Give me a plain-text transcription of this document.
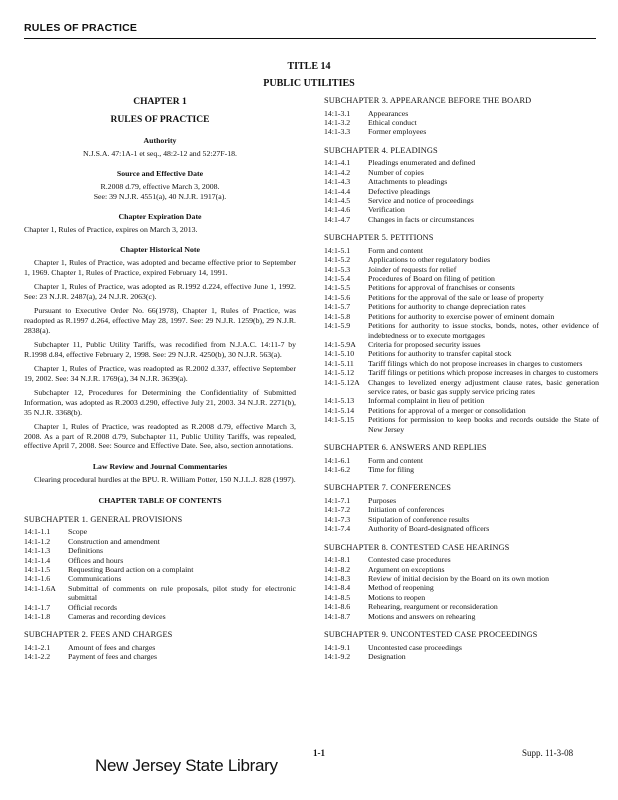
RULES OF PRACTICE
TITLE 14
PUBLIC UTILITIES
CHAPTER 1
RULES OF PRACTICE
Authority
N.J.S.A. 47:1A-1 et seq., 48:2-12 and 52:27F-18.
Source and Effective Date
R.2008 d.79, effective March 3, 2008.
See: 39 N.J.R. 4551(a), 40 N.J.R. 1917(a).
Chapter Expiration Date
Chapter 1, Rules of Practice, expires on March 3, 2013.
Chapter Historical Note

Chapter 1, Rules of Practice, was adopted and became effective prior to September 1, 1969. Chapter 1, Rules of Practice, expired February 14, 1991.

Chapter 1, Rules of Practice, was adopted as R.1992 d.224, effective June 1, 1992. See: 23 N.J.R. 2487(a), 24 N.J.R. 2063(c).

Pursuant to Executive Order No. 66(1978), Chapter 1, Rules of Practice, was readopted as R.1997 d.264, effective May 28, 1997. See: 29 N.J.R. 1259(b), 29 N.J.R. 2838(a).

Subchapter 11, Public Utility Tariffs, was recodified from N.J.A.C. 14:11-7 by R.1998 d.84, effective February 2, 1998. See: 29 N.J.R. 4250(b), 30 N.J.R. 563(a).

Chapter 1, Rules of Practice, was readopted as R.2002 d.337, effective September 19, 2002. See: 34 N.J.R. 1769(a), 34 N.J.R. 3639(a).

Subchapter 12, Procedures for Determining the Confidentiality of Submitted Information, was adopted as R.2003 d.290, effective July 21, 2003. 34 N.J.R. 2271(b), 35 N.J.R. 3368(b).

Chapter 1, Rules of Practice, was readopted as R.2008 d.79, effective March 3, 2008. As a part of R.2008 d.79, Subchapter 11, Public Utility Tariffs, was repealed, effective April 7, 2008. See: Source and Effective Date. See, also, section annotations.

Law Review and Journal Commentaries

Clearing procedural hurdles at the BPU. R. William Potter, 150 N.J.L.J. 828 (1997).

CHAPTER TABLE OF CONTENTS
SUBCHAPTER 1. GENERAL PROVISIONS
14:1-1.1	Scope
14:1-1.2	Construction and amendment
14:1-1.3	Definitions
14:1-1.4	Offices and hours
14:1-1.5	Requesting Board action on a complaint
14:1-1.6	Communications
14:1-1.6A	Submittal of comments on rule proposals, pilot study for electronic submittal
14:1-1.7	Official records
14:1-1.8	Cameras and recording devices
SUBCHAPTER 2. FEES AND CHARGES
14:1-2.1	Amount of fees and charges
14:1-2.2	Payment of fees and charges
SUBCHAPTER 3. APPEARANCE BEFORE THE BOARD
14:1-3.1	Appearances
14:1-3.2	Ethical conduct
14:1-3.3	Former employees
SUBCHAPTER 4. PLEADINGS
14:1-4.1	Pleadings enumerated and defined
14:1-4.2	Number of copies
14:1-4.3	Attachments to pleadings
14:1-4.4	Defective pleadings
14:1-4.5	Service and notice of proceedings
14:1-4.6	Verification
14:1-4.7	Changes in facts or circumstances
SUBCHAPTER 5. PETITIONS
14:1-5.1	Form and content
14:1-5.2	Applications to other regulatory bodies
14:1-5.3	Joinder of requests for relief
14:1-5.4	Procedures of Board on filing of petition
14:1-5.5	Petitions for approval of franchises or consents
14:1-5.6	Petitions for the approval of the sale or lease of property
14:1-5.7	Petitions for authority to change depreciation rates
14:1-5.8	Petitions for authority to exercise power of eminent domain
14:1-5.9	Petitions for authority to issue stocks, bonds, notes, other evidence of indebtedness or to execute mortgages
14:1-5.9A	Criteria for proposed security issues
14:1-5.10	Petitions for authority to transfer capital stock
14:1-5.11	Tariff filings which do not propose increases in charges to customers
14:1-5.12	Tariff filings or petitions which propose increases in charges to customers
14:1-5.12A	Changes to levelized energy adjustment clause rates, basic generation service rates, or basic gas supply service pricing rates
14:1-5.13	Informal complaint in lieu of petition
14:1-5.14	Petitions for approval of a merger or consolidation
14:1-5.15	Petitions for permission to keep books and records outside the State of New Jersey
SUBCHAPTER 6. ANSWERS AND REPLIES
14:1-6.1	Form and content
14:1-6.2	Time for filing
SUBCHAPTER 7. CONFERENCES
14:1-7.1	Purposes
14:1-7.2	Initiation of conferences
14:1-7.3	Stipulation of conference results
14:1-7.4	Authority of Board-designated officers
SUBCHAPTER 8. CONTESTED CASE HEARINGS
14:1-8.1	Contested case procedures
14:1-8.2	Argument on exceptions
14:1-8.3	Review of initial decision by the Board on its own motion
14:1-8.4	Method of reopening
14:1-8.5	Motions to reopen
14:1-8.6	Rehearing, reargument or reconsideration
14:1-8.7	Motions and answers on rehearing
SUBCHAPTER 9. UNCONTESTED CASE PROCEEDINGS
14:1-9.1	Uncontested case proceedings
14:1-9.2	Designation
New Jersey State Library
1-1	Supp. 11-3-08
